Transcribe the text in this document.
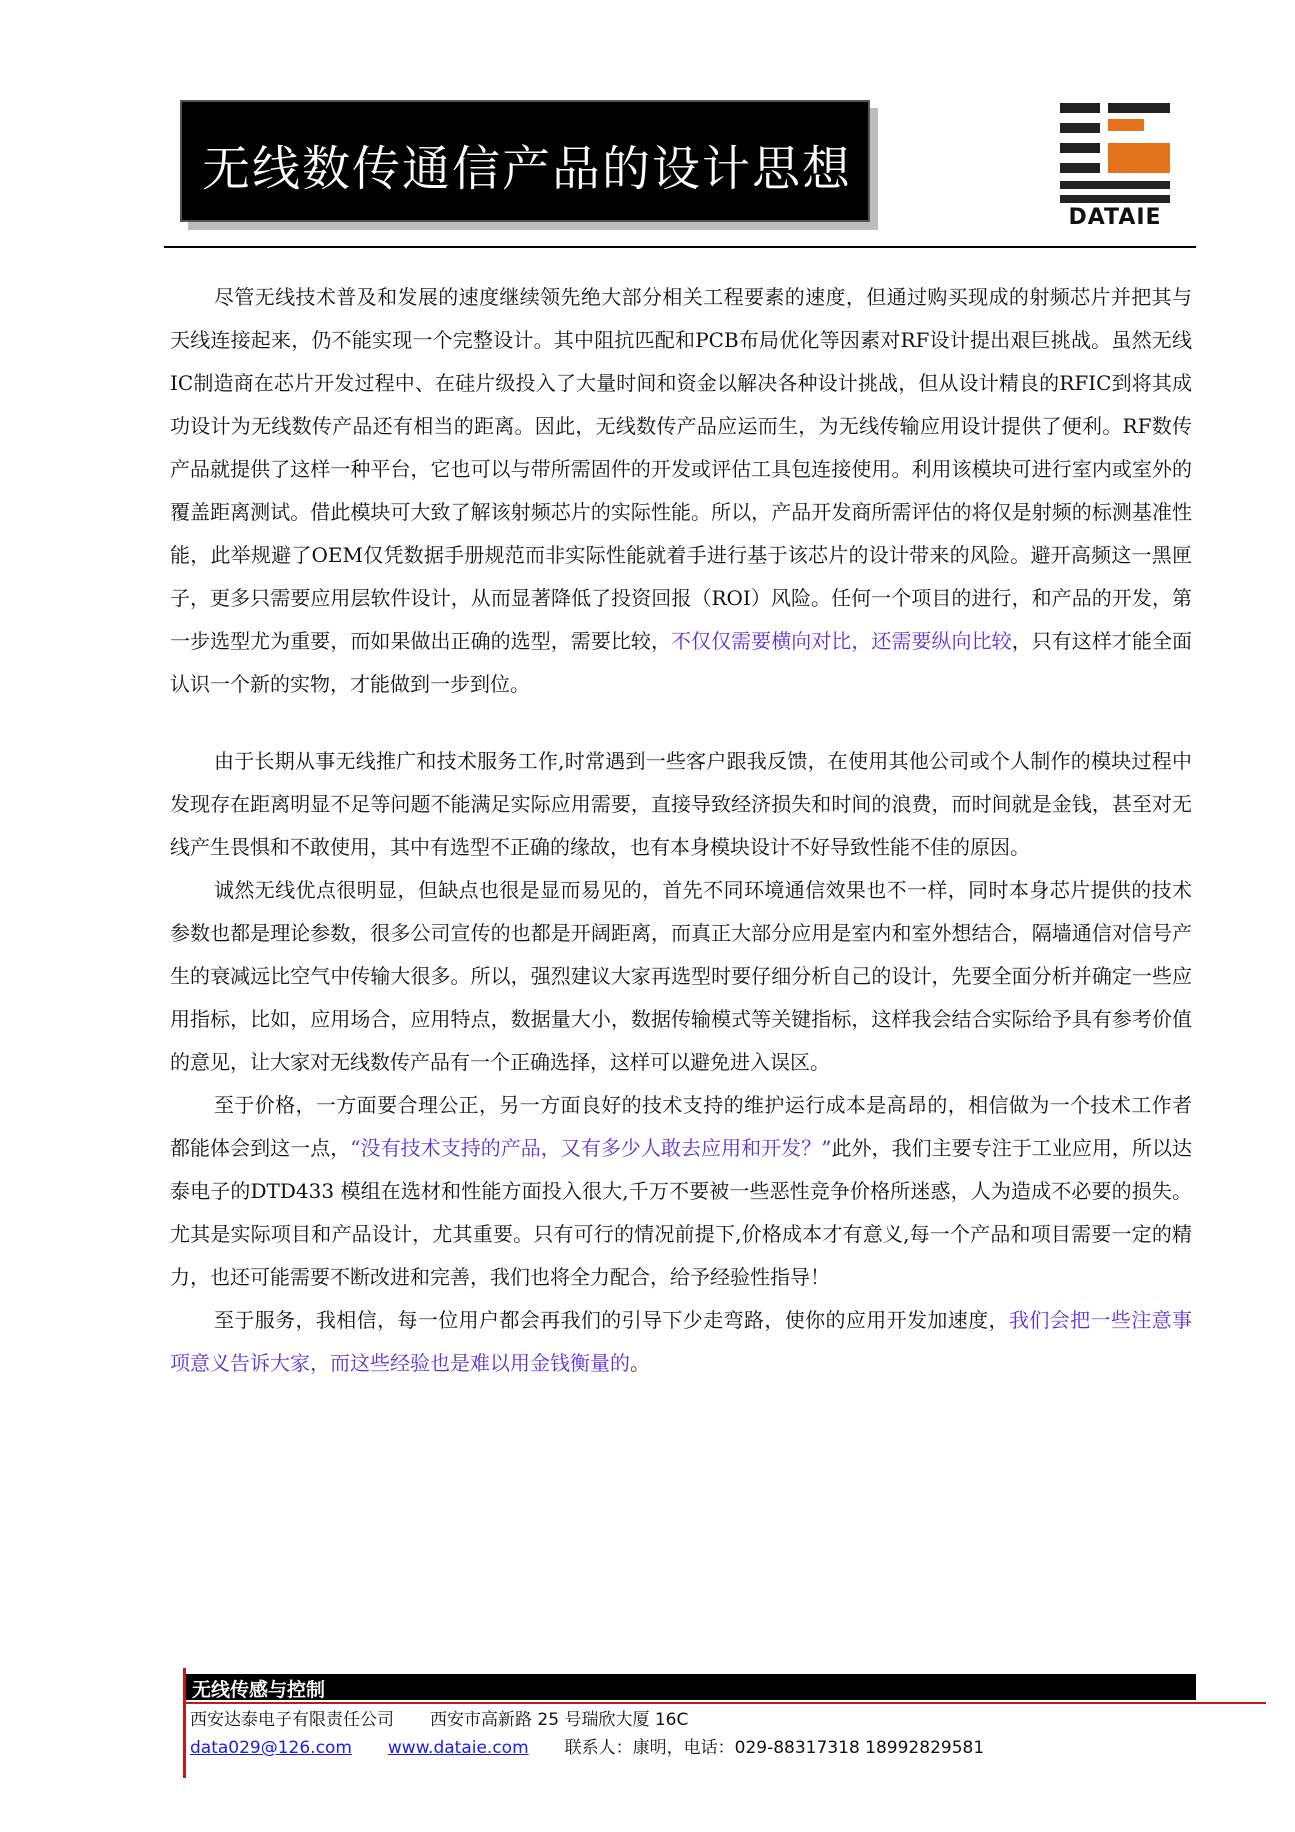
无线数传通信产品的设计思想
DATAIE

尽管无线技术普及和发展的速度继续领先绝大部分相关工程要素的速度，但通过购买现成的射频芯片并把其与天线连接起来，仍不能实现一个完整设计。其中阻抗匹配和PCB布局优化等因素对RF设计提出艰巨挑战。虽然无线IC制造商在芯片开发过程中、在硅片级投入了大量时间和资金以解决各种设计挑战，但从设计精良的RFIC到将其成功设计为无线数传产品还有相当的距离。因此，无线数传产品应运而生，为无线传输应用设计提供了便利。RF数传产品就提供了这样一种平台，它也可以与带所需固件的开发或评估工具包连接使用。利用该模块可进行室内或室外的覆盖距离测试。借此模块可大致了解该射频芯片的实际性能。所以，产品开发商所需评估的将仅是射频的标测基准性能，此举规避了OEM仅凭数据手册规范而非实际性能就着手进行基于该芯片的设计带来的风险。避开高频这一黑匣子，更多只需要应用层软件设计，从而显著降低了投资回报（ROI）风险。任何一个项目的进行，和产品的开发，第一步选型尤为重要，而如果做出正确的选型，需要比较，不仅仅需要横向对比，还需要纵向比较，只有这样才能全面认识一个新的实物，才能做到一步到位。

由于长期从事无线推广和技术服务工作,时常遇到一些客户跟我反馈，在使用其他公司或个人制作的模块过程中发现存在距离明显不足等问题不能满足实际应用需要，直接导致经济损失和时间的浪费，而时间就是金钱，甚至对无线产生畏惧和不敢使用，其中有选型不正确的缘故，也有本身模块设计不好导致性能不佳的原因。

诚然无线优点很明显，但缺点也很是显而易见的，首先不同环境通信效果也不一样，同时本身芯片提供的技术参数也都是理论参数，很多公司宣传的也都是开阔距离，而真正大部分应用是室内和室外想结合，隔墙通信对信号产生的衰减远比空气中传输大很多。所以，强烈建议大家再选型时要仔细分析自己的设计，先要全面分析并确定一些应用指标，比如，应用场合，应用特点，数据量大小，数据传输模式等关键指标，这样我会结合实际给予具有参考价值的意见，让大家对无线数传产品有一个正确选择，这样可以避免进入误区。

至于价格，一方面要合理公正，另一方面良好的技术支持的维护运行成本是高昂的，相信做为一个技术工作者都能体会到这一点，“没有技术支持的产品，又有多少人敢去应用和开发？”此外，我们主要专注于工业应用，所以达泰电子的DTD433 模组在选材和性能方面投入很大,千万不要被一些恶性竞争价格所迷惑，人为造成不必要的损失。尤其是实际项目和产品设计，尤其重要。只有可行的情况前提下,价格成本才有意义,每一个产品和项目需要一定的精力，也还可能需要不断改进和完善，我们也将全力配合，给予经验性指导！

至于服务，我相信，每一位用户都会再我们的引导下少走弯路，使你的应用开发加速度，我们会把一些注意事项意义告诉大家，而这些经验也是难以用金钱衡量的。

无线传感与控制
西安达泰电子有限责任公司 西安市高新路 25 号瑞欣大厦 16C
data029@126.com www.dataie.com 联系人：康明，电话：029-88317318 18992829581
